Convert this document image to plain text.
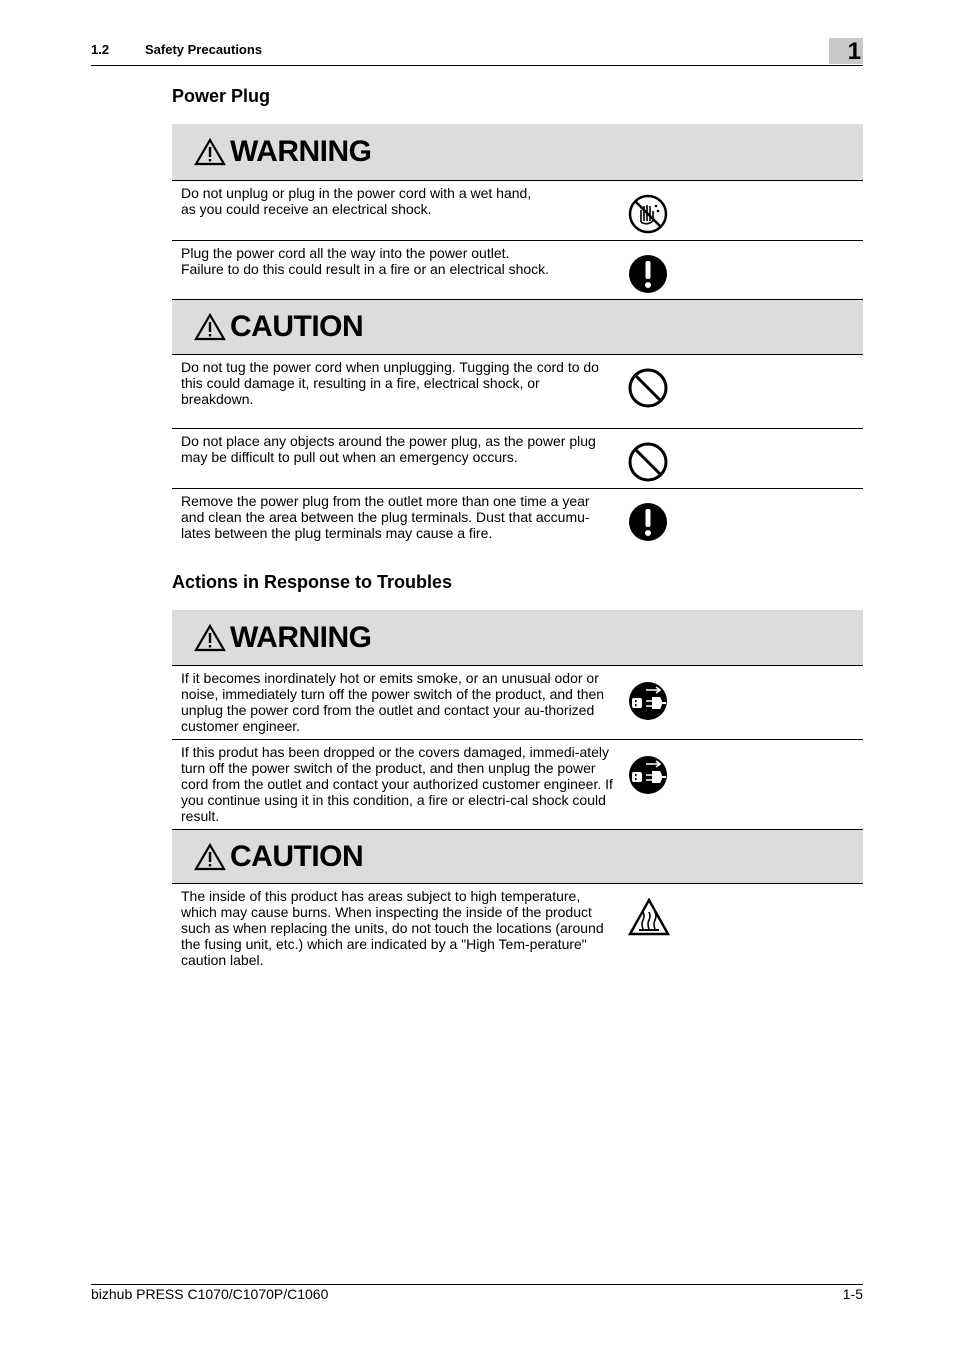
1.2	Safety Precautions	1
Power Plug
WARNING
Do not unplug or plug in the power cord with a wet hand,
as you could receive an electrical shock.
Plug the power cord all the way into the power outlet.
Failure to do this could result in a fire or an electrical shock.
CAUTION
Do not tug the power cord when unplugging. Tugging the cord to do this could damage it, resulting in a fire, electrical shock, or breakdown.
Do not place any objects around the power plug, as the power plug may be difficult to pull out when an emergency occurs.
Remove the power plug from the outlet more than one time a year and clean the area between the plug terminals. Dust that accumu-lates between the plug terminals may cause a fire.
Actions in Response to Troubles
WARNING
If it becomes inordinately hot or emits smoke, or an unusual odor or noise, immediately turn off the power switch of the product, and then unplug the power cord from the outlet and contact your au-thorized customer engineer.
If this produt has been dropped or the covers damaged, immedi-ately turn off the power switch of the product, and then unplug the power cord from the outlet and contact your authorized customer engineer. If you continue using it in this condition, a fire or electri-cal shock could result.
CAUTION
The inside of this product has areas subject to high temperature, which may cause burns. When inspecting the inside of the product such as when replacing the units, do not touch the locations (around the fusing unit, etc.) which are indicated by a "High Tem-perature" caution label.
bizhub PRESS C1070/C1070P/C1060	1-5
